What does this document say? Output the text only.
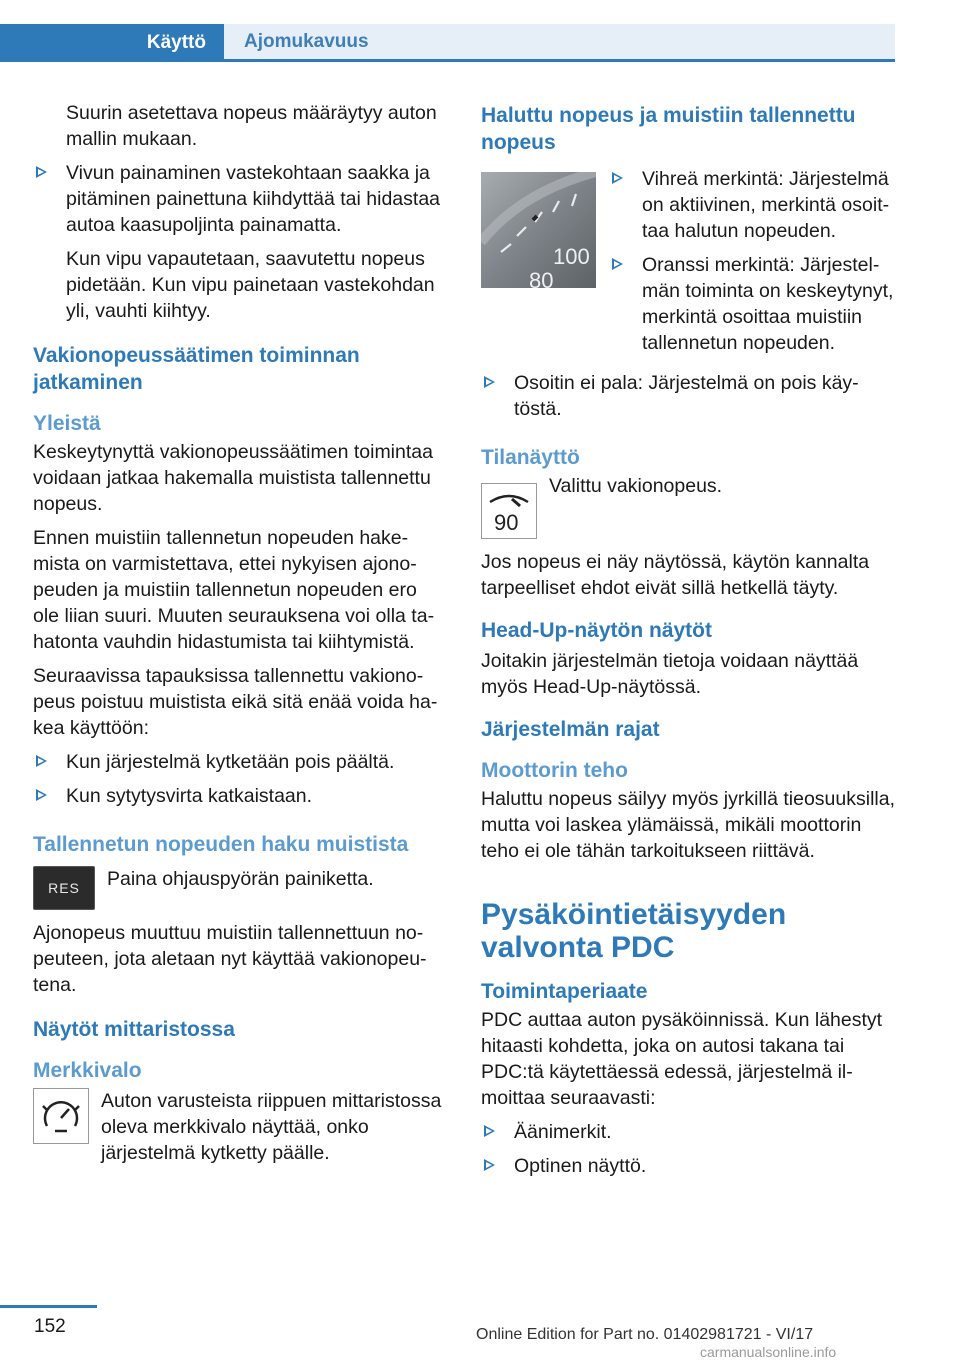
Käyttö	Ajomukavuus

Suurin asetettava nopeus määräytyy auton mallin mukaan.

Vivun painaminen vastekohtaan saakka ja pitäminen painettuna kiihdyttää tai hidastaa autoa kaasupoljinta painamatta.

Kun vipu vapautetaan, saavutettu nopeus pidetään. Kun vipu painetaan vastekohdan yli, vauhti kiihtyy.

Vakionopeussäätimen toiminnan jatkaminen
Yleistä

Keskeytynyttä vakionopeussäätimen toimintaa voidaan jatkaa hakemalla muistista tallennettu nopeus.

Ennen muistiin tallennetun nopeuden hakemista on varmistettava, ettei nykyisen ajonopeuden ja muistiin tallennetun nopeuden ero ole liian suuri. Muuten seurauksena voi olla tahatonta vauhdin hidastumista tai kiihtymistä.

Seuraavissa tapauksissa tallennettu vakionopeus poistuu muistista eikä sitä enää voida hakea käyttöön:

Kun järjestelmä kytketään pois päältä.
Kun sytytysvirta katkaistaan.
Tallennetun nopeuden haku muistista
RES	Paina ohjauspyörän painiketta.

Ajonopeus muuttuu muistiin tallennettuun nopeuteen, jota aletaan nyt käyttää vakionopeutena.

Näytöt mittaristossa
Merkkivalo
Auton varusteista riippuen mittaristossa oleva merkkivalo näyttää, onko järjestelmä kytketty päälle.
Haluttu nopeus ja muistiin tallennettu nopeus
100
80
Vihreä merkintä: Järjestelmä on aktiivinen, merkintä osoittaa halutun nopeuden.
Oranssi merkintä: Järjestelmän toiminta on keskeytynyt, merkintä osoittaa muistiin tallennetun nopeuden.
Osoitin ei pala: Järjestelmä on pois käytöstä.
Tilanäyttö
90
Valittu vakionopeus.

Jos nopeus ei näy näytössä, käytön kannalta tarpeelliset ehdot eivät sillä hetkellä täyty.

Head-Up-näytön näytöt

Joitakin järjestelmän tietoja voidaan näyttää myös Head-Up-näytössä.

Järjestelmän rajat
Moottorin teho

Haluttu nopeus säilyy myös jyrkillä tieosuuksilla, mutta voi laskea ylämäissä, mikäli moottorin teho ei ole tähän tarkoitukseen riittävä.

Pysäköintietäisyyden valvonta PDC
Toimintaperiaate

PDC auttaa auton pysäköinnissä. Kun lähestyt hitaasti kohdetta, joka on autosi takana tai PDC:tä käytettäessä edessä, järjestelmä ilmoittaa seuraavasti:

Äänimerkit.
Optinen näyttö.
152	Online Edition for Part no. 01402981721 - VI/17
carmanualsonline.info
